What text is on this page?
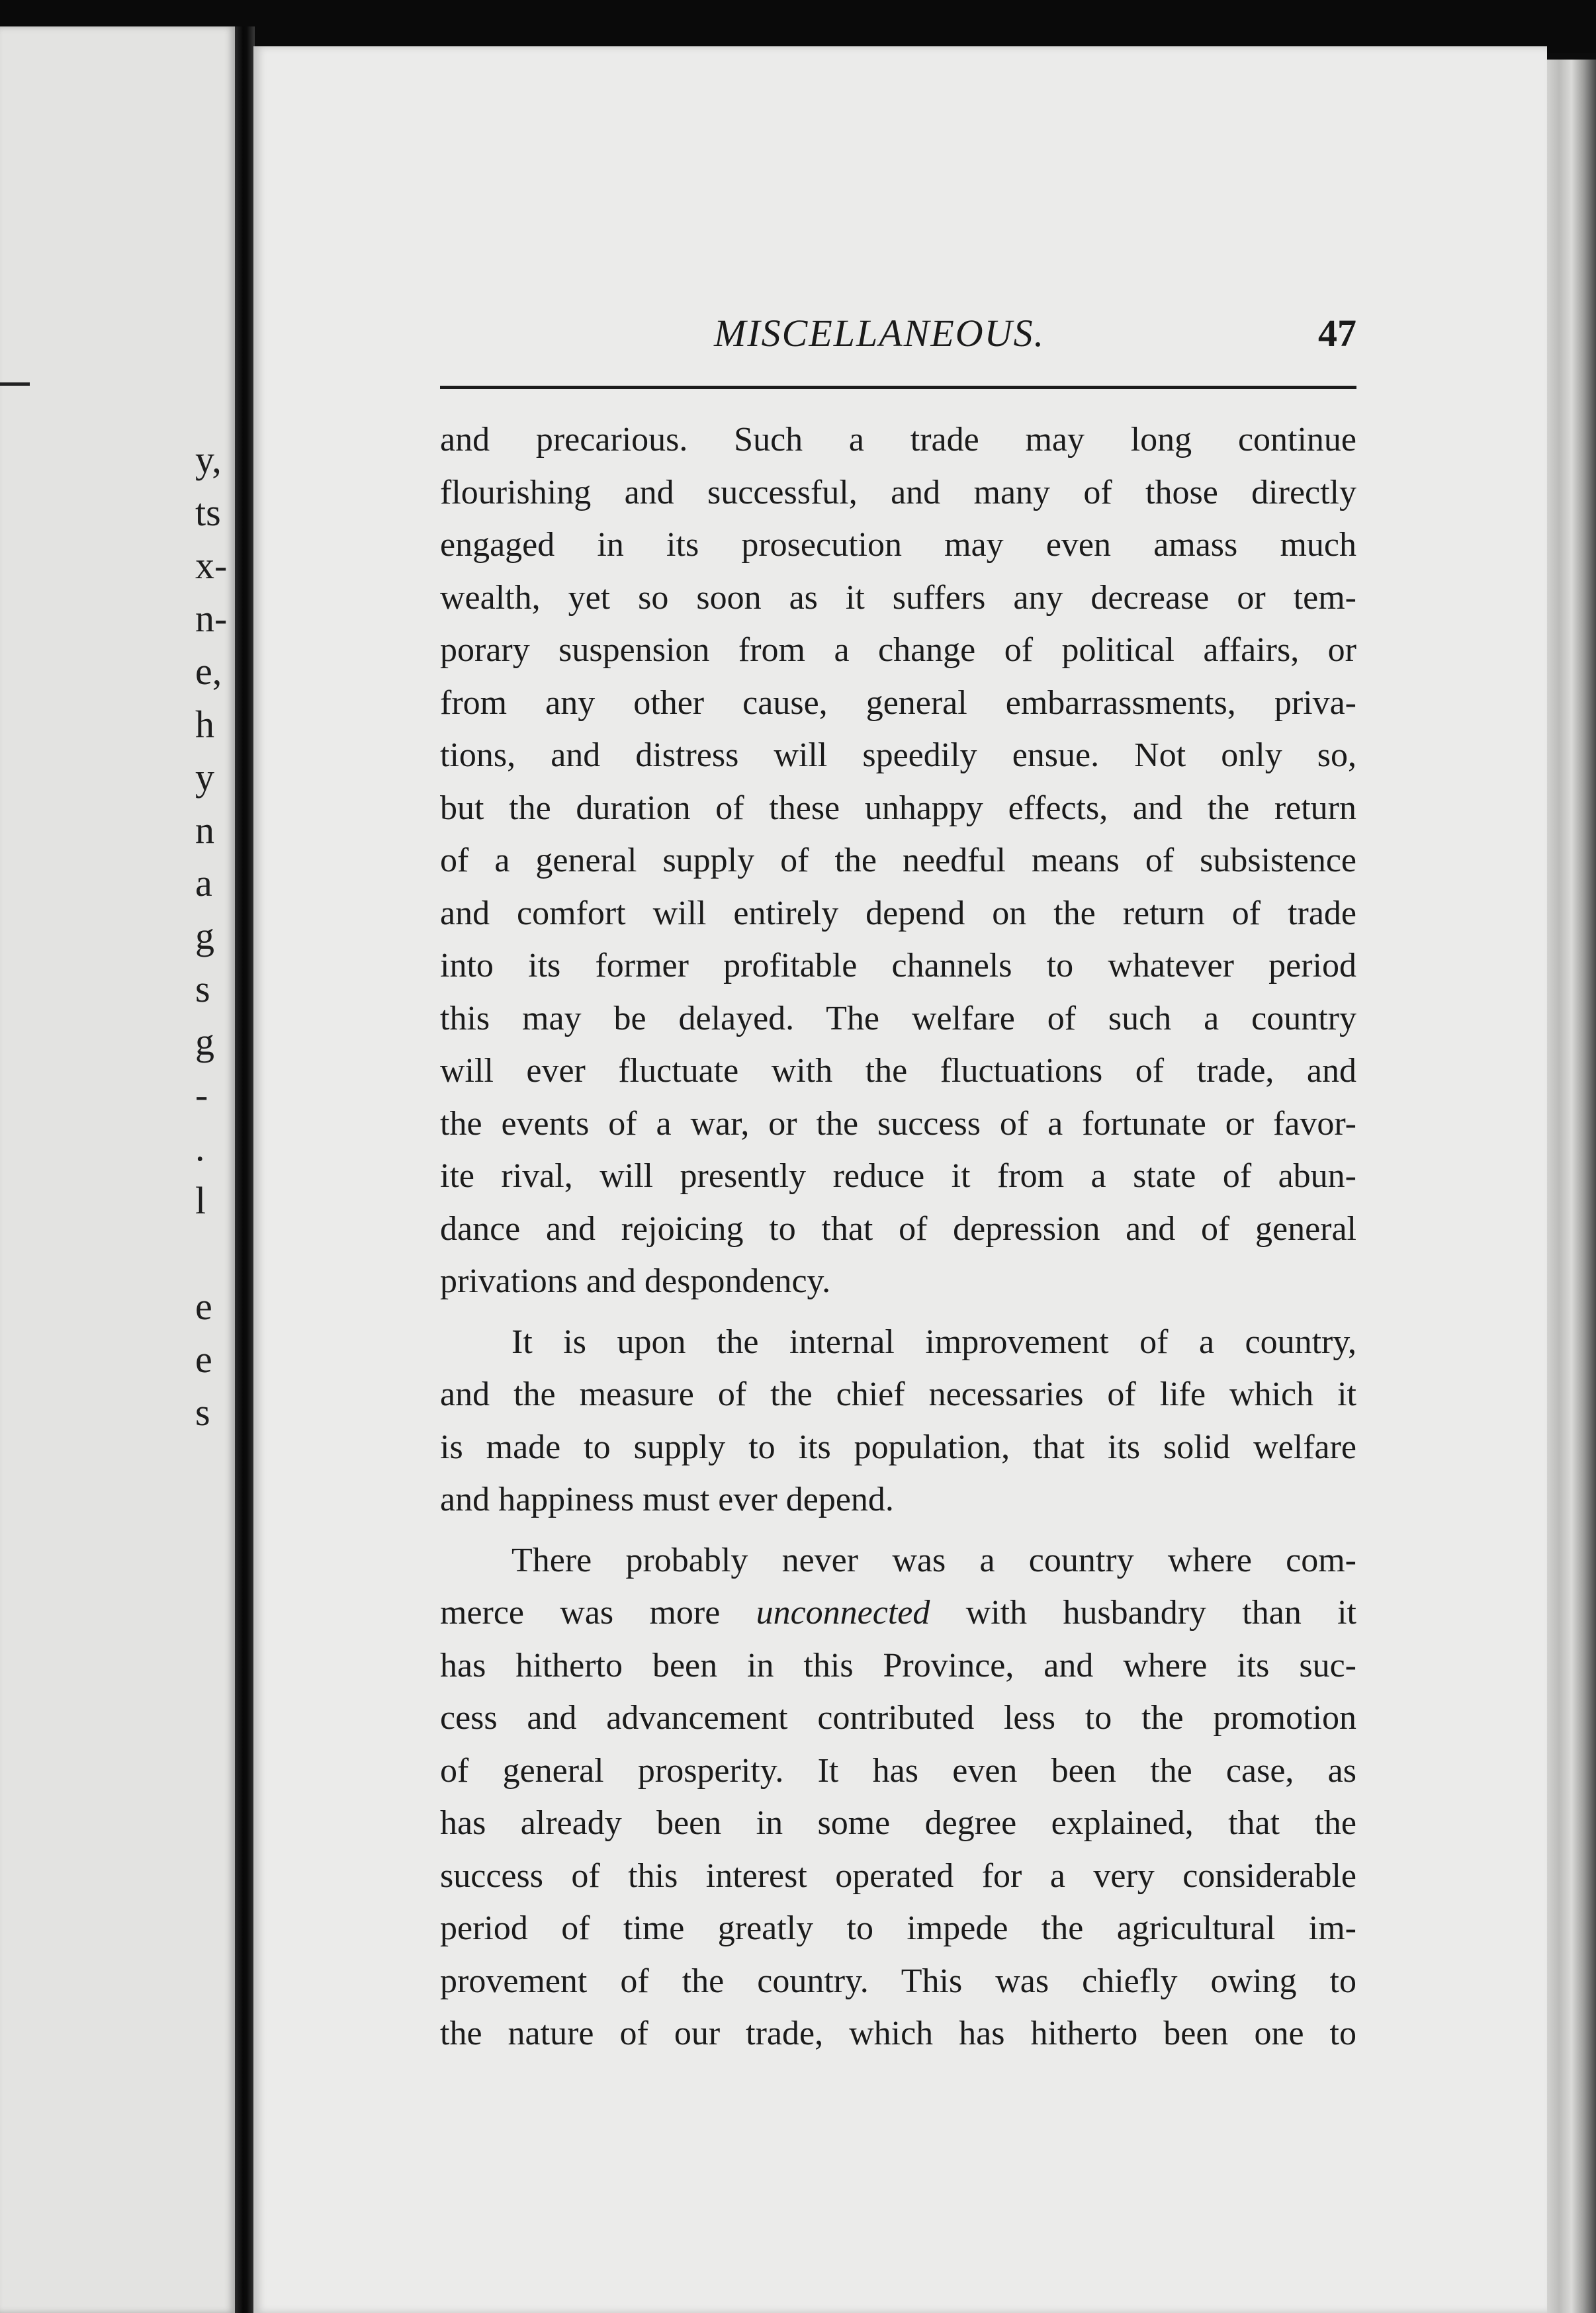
y,
ts
x-
n-
e,
h
y
n
a
g
s
g
-
.
l
e
e
s
MISCELLANEOUS.	47
and precarious. Such a trade may long continue
flourishing and successful, and many of those directly
engaged in its prosecution may even amass much
wealth, yet so soon as it suffers any decrease or tem-
porary suspension from a change of political affairs, or
from any other cause, general embarrassments, priva-
tions, and distress will speedily ensue. Not only so,
but the duration of these unhappy effects, and the return
of a general supply of the needful means of subsistence
and comfort will entirely depend on the return of trade
into its former profitable channels to whatever period
this may be delayed. The welfare of such a country
will ever fluctuate with the fluctuations of trade, and
the events of a war, or the success of a fortunate or favor-
ite rival, will presently reduce it from a state of abun-
dance and rejoicing to that of depression and of general
privations and despondency.
It is upon the internal improvement of a country,
and the measure of the chief necessaries of life which it
is made to supply to its population, that its solid welfare
and happiness must ever depend.
There probably never was a country where com-
merce was more unconnected with husbandry than it
has hitherto been in this Province, and where its suc-
cess and advancement contributed less to the promotion
of general prosperity. It has even been the case, as
has already been in some degree explained, that the
success of this interest operated for a very considerable
period of time greatly to impede the agricultural im-
provement of the country. This was chiefly owing to
the nature of our trade, which has hitherto been one to
